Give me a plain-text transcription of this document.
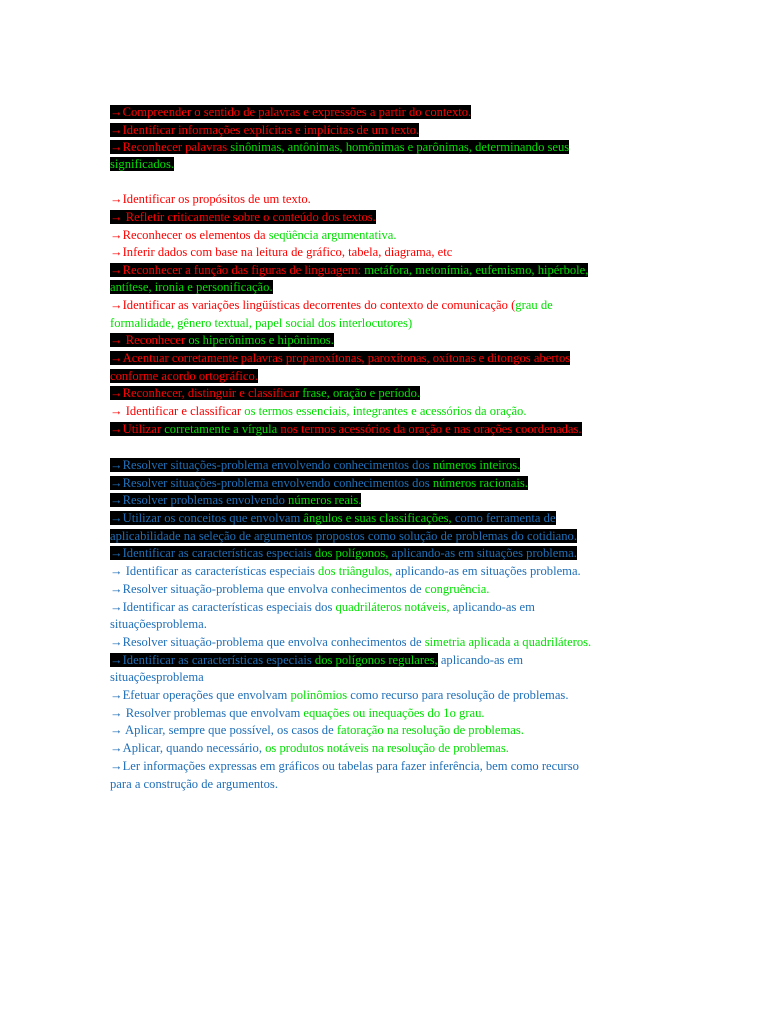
→Compreender o sentido de palavras e expressões a partir do contexto.
→Identificar informações explícitas e implícitas de um texto.
→Reconhecer palavras sinônimas, antônimas, homônimas e parônimas, determinando seus
significados.
→Identificar os propósitos de um texto.
→ Refletir criticamente sobre o conteúdo dos textos.
→Reconhecer os elementos da seqüência argumentativa.
→Inferir dados com base na leitura de gráfico, tabela, diagrama, etc
→Reconhecer a função das figuras de linguagem: metáfora, metonímia, eufemismo, hipérbole,
antítese, ironia e personificação.
→Identificar as variações lingüísticas decorrentes do contexto de comunicação (grau de
formalidade, gênero textual, papel social dos interlocutores)
→ Reconhecer os hiperônimos e hipônimos.
→Acentuar corretamente palavras proparoxítonas, paroxítonas, oxítonas e ditongos abertos
conforme acordo ortográfico.
→Reconhecer, distinguir e classificar frase, oração e período.
→ Identificar e classificar os termos essenciais, integrantes e acessórios da oração.
→Utilizar corretamente a vírgula nos termos acessórios da oração e nas orações coordenadas.
→Resolver situações-problema envolvendo conhecimentos dos números inteiros.
→Resolver situações-problema envolvendo conhecimentos dos números racionais.
→Resolver problemas envolvendo números reais.
→Utilizar os conceitos que envolvam ângulos e suas classificações, como ferramenta de
aplicabilidade na seleção de argumentos propostos como solução de problemas do cotidiano.
→Identificar as características especiais dos polígonos, aplicando-as em situações problema.
→ Identificar as características especiais dos triângulos, aplicando-as em situações problema.
→Resolver situação-problema que envolva conhecimentos de congruência.
→Identificar as características especiais dos quadriláteros notáveis, aplicando-as em
situaçõesproblema.
→Resolver situação-problema que envolva conhecimentos de simetria aplicada a quadriláteros.
→Identificar as características especiais dos polígonos regulares, aplicando-as em
situaçõesproblema
→Efetuar operações que envolvam polinômios como recurso para resolução de problemas.
→ Resolver problemas que envolvam equações ou inequações do 1o grau.
→ Aplicar, sempre que possível, os casos de fatoração na resolução de problemas.
→Aplicar, quando necessário, os produtos notáveis na resolução de problemas.
→Ler informações expressas em gráficos ou tabelas para fazer inferência, bem como recurso
para a construção de argumentos.
